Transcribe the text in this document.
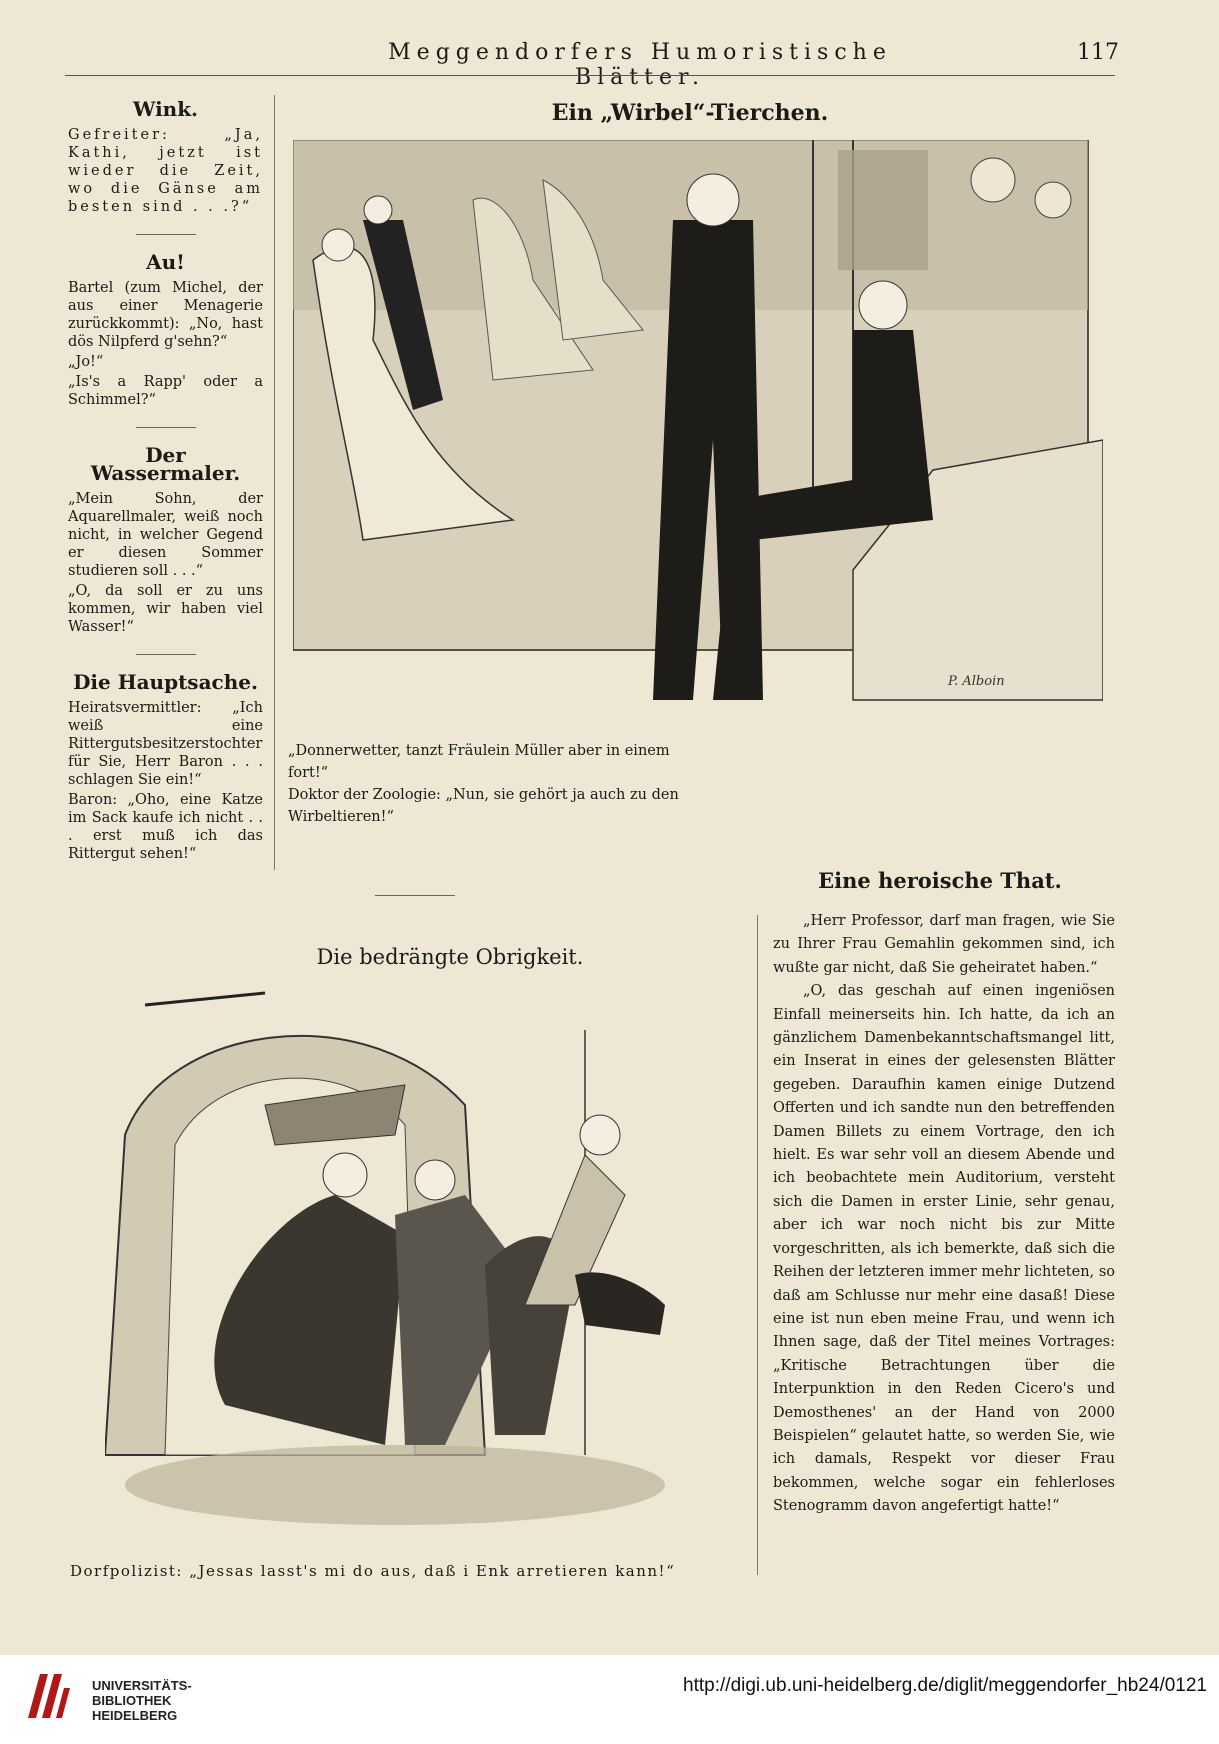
Meggendorfers Humoristische Blätter.
117
Wink.

Gefreiter: „Ja, Kathi, jetzt ist wieder die Zeit, wo die Gänse am besten sind . . .?“

Au!

Bartel (zum Michel, der aus einer Menagerie zurückkommt): „No, hast dös Nilpferd g'sehn?“

„Jo!“

„Is's a Rapp' oder a Schimmel?“

Der Wassermaler.

„Mein Sohn, der Aquarellmaler, weiß noch nicht, in welcher Gegend er diesen Sommer studieren soll . . .“

„O, da soll er zu uns kommen, wir haben viel Wasser!“

Die Hauptsache.

Heiratsvermittler: „Ich weiß eine Rittergutsbesitzerstochter für Sie, Herr Baron . . . schlagen Sie ein!“

Baron: „Oho, eine Katze im Sack kaufe ich nicht . . . erst muß ich das Rittergut sehen!“

Ein „Wirbel“-Tierchen.
P. Alboin

„Donnerwetter, tanzt Fräulein Müller aber in einem fort!“

Doktor der Zoologie: „Nun, sie gehört ja auch zu den Wirbeltieren!“

Die bedrängte Obrigkeit.
Dorfpolizist: „Jessas lasst's mi do aus, daß i Enk arretieren kann!“
Eine heroische That.

„Herr Professor, darf man fragen, wie Sie zu Ihrer Frau Gemahlin gekommen sind, ich wußte gar nicht, daß Sie geheiratet haben.“

„O, das geschah auf einen ingeniösen Einfall meinerseits hin. Ich hatte, da ich an gänzlichem Damenbekanntschaftsmangel litt, ein Inserat in eines der gelesensten Blätter gegeben. Daraufhin kamen einige Dutzend Offerten und ich sandte nun den betreffenden Damen Billets zu einem Vortrage, den ich hielt. Es war sehr voll an diesem Abende und ich beobachtete mein Auditorium, versteht sich die Damen in erster Linie, sehr genau, aber ich war noch nicht bis zur Mitte vorgeschritten, als ich bemerkte, daß sich die Reihen der letzteren immer mehr lichteten, so daß am Schlusse nur mehr eine dasaß! Diese eine ist nun eben meine Frau, und wenn ich Ihnen sage, daß der Titel meines Vortrages: „Kritische Betrachtungen über die Interpunktion in den Reden Cicero's und Demosthenes' an der Hand von 2000 Beispielen“ gelautet hatte, so werden Sie, wie ich damals, Respekt vor dieser Frau bekommen, welche sogar ein fehlerloses Stenogramm davon angefertigt hatte!“

UNIVERSITÄTS-
BIBLIOTHEK
HEIDELBERG
http://digi.ub.uni-heidelberg.de/diglit/meggendorfer_hb24/0121
